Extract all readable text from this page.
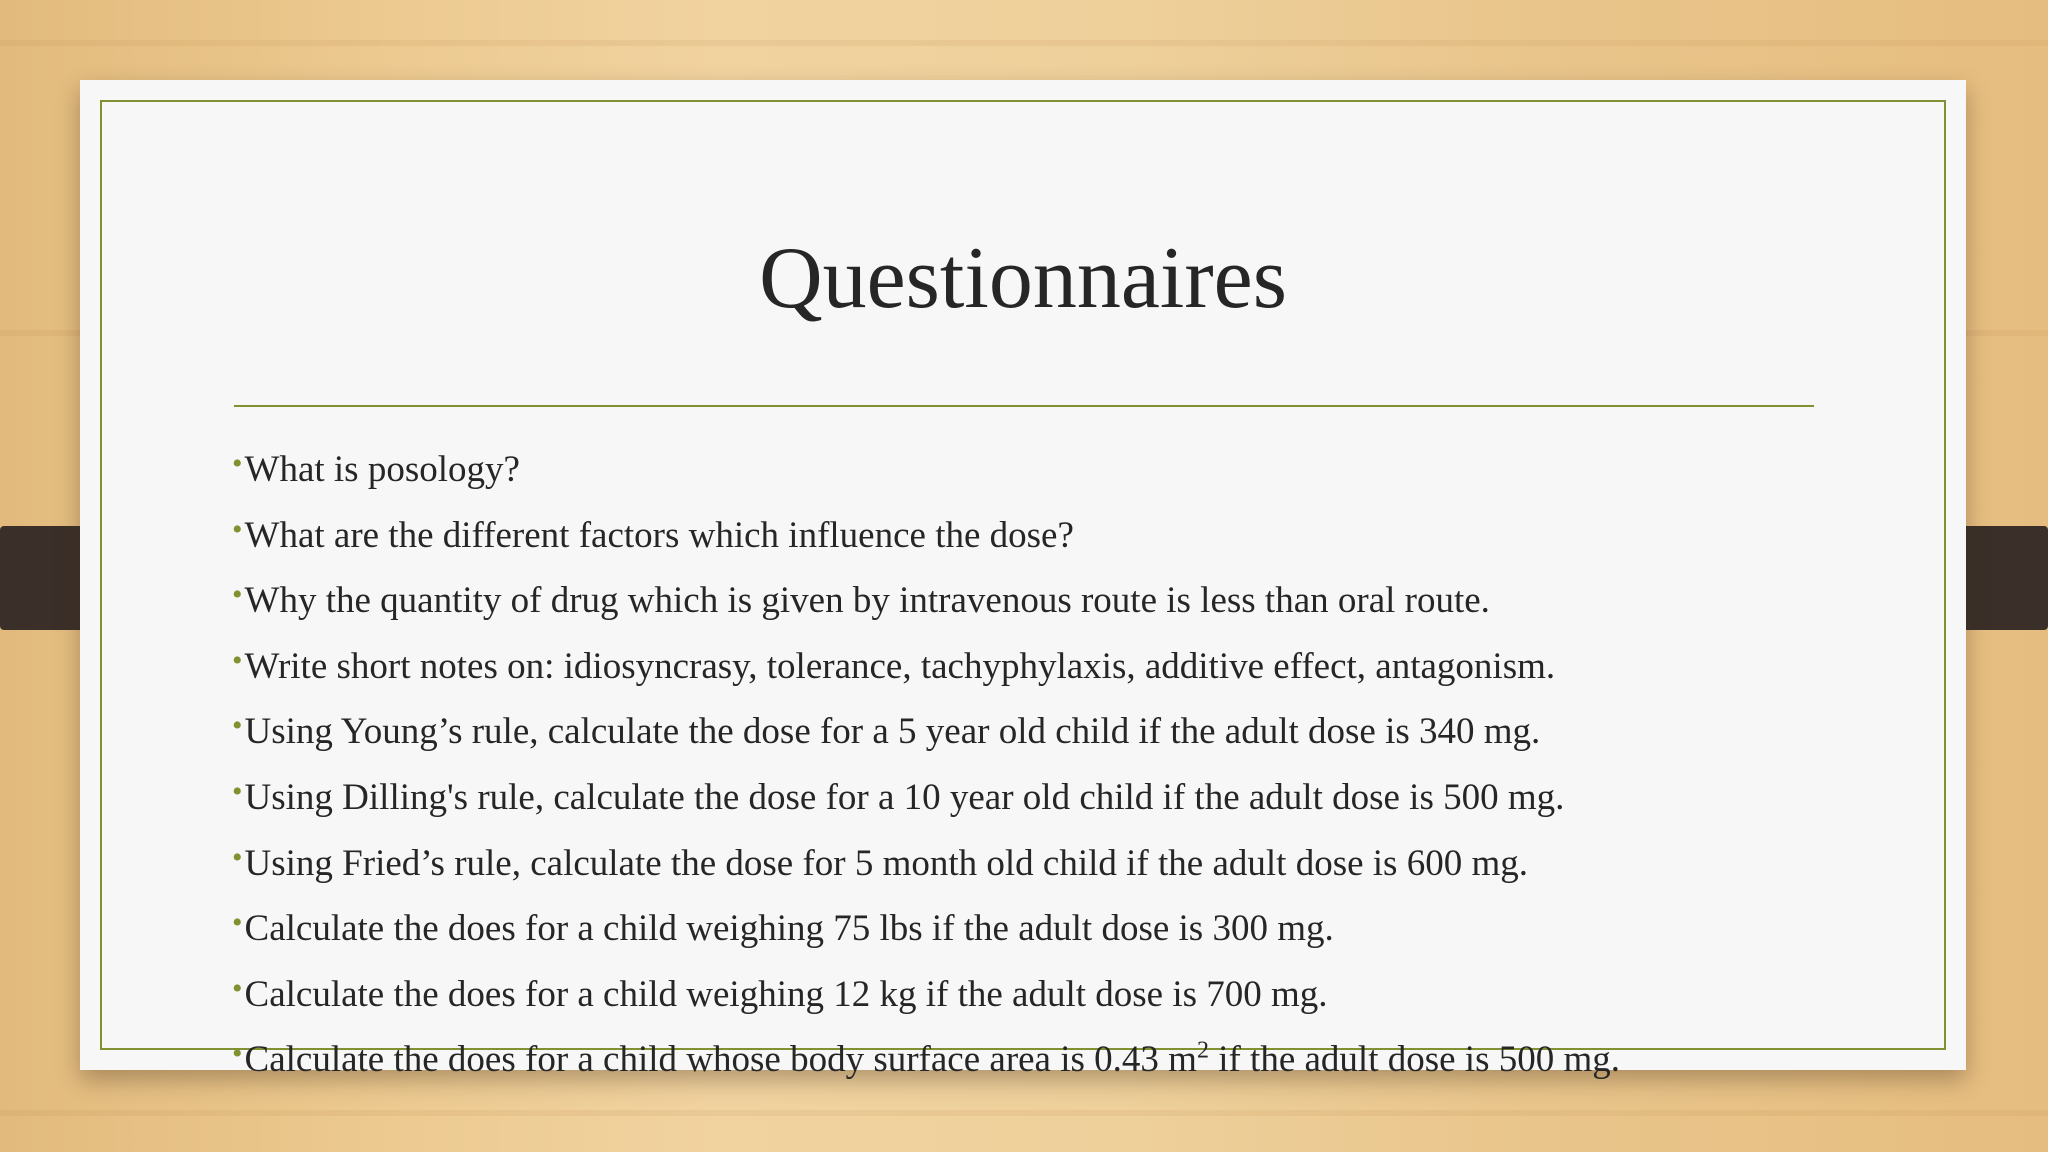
Questionnaires
•What is posology?
•What are the different factors which influence the dose?
•Why the quantity of drug which is given by intravenous route is less than oral route.
•Write short notes on: idiosyncrasy, tolerance, tachyphylaxis, additive effect, antagonism.
•Using Young’s rule, calculate the dose for a 5 year old child if the adult dose is 340 mg.
•Using Dilling's rule, calculate the dose for a 10 year old child if the adult dose is 500 mg.
•Using Fried’s rule, calculate the dose for 5 month old child if the adult dose is 600 mg.
•Calculate the does for a child weighing 75 lbs if the adult dose is 300 mg.
•Calculate the does for a child weighing 12 kg if the adult dose is 700 mg.
•Calculate the does for a child whose body surface area is 0.43 $m^2$ if the adult dose is 500 mg.
